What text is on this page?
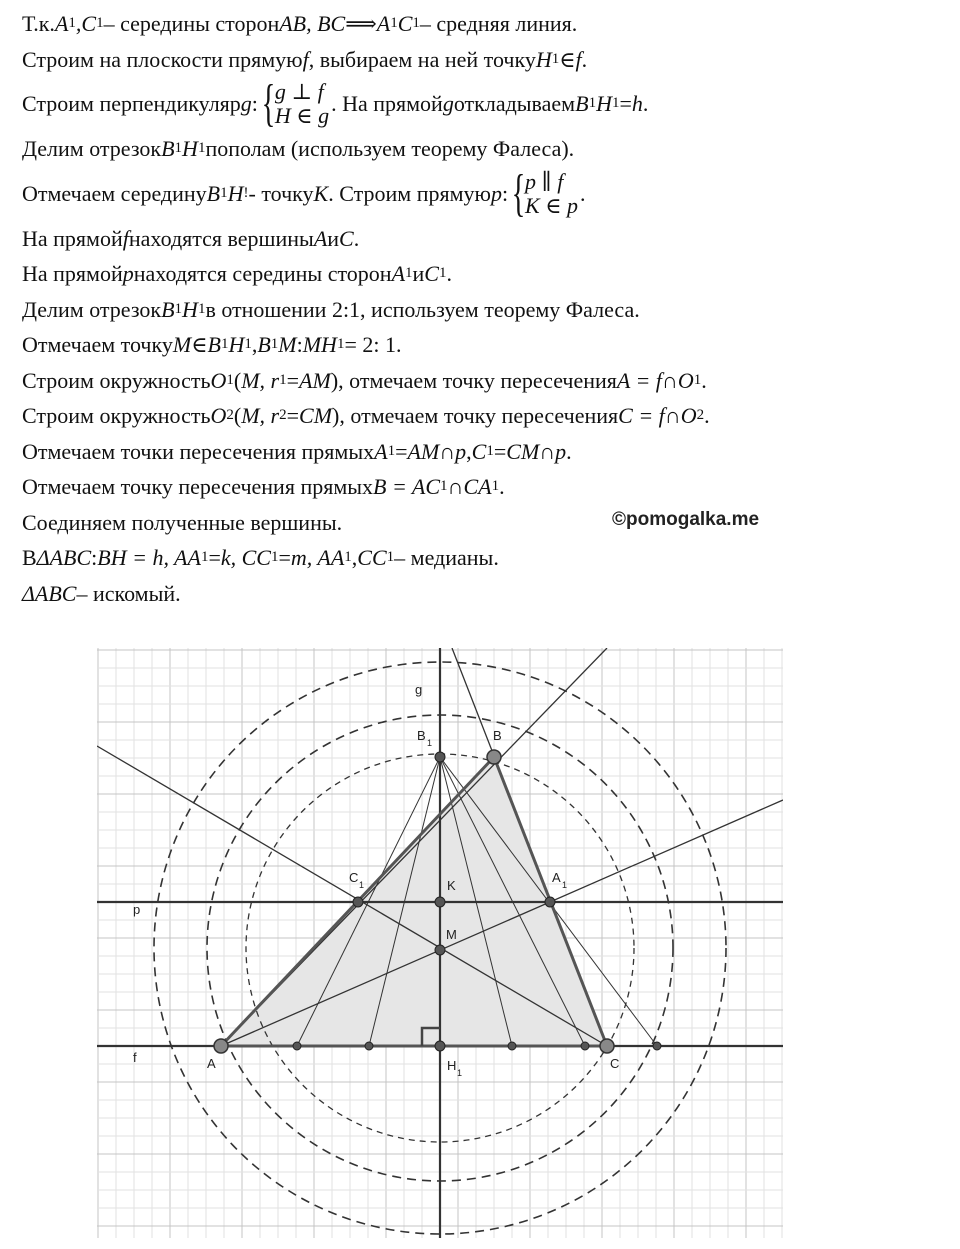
Т.к. A 1 , C 1 – середины сторон AB, BC ⟹ A 1 C 1 – средняя линия.
Строим на плоскости прямую f , выбираем на ней точку H 1 ∈ f .
Строим перпендикуляр g : { g ⊥ f
H ∈ g . На прямой g откладываем B 1 H 1 = h .
Делим отрезок B 1 H 1 пополам (используем теорему Фалеса).
Отмечаем середину B 1 H ! - точку K . Строим прямую p : { p ∥ f
K ∈ p .
На прямой f находятся вершины A и C .
На прямой p находятся середины сторон A 1 и C 1 .
Делим отрезок B 1 H 1 в отношении 2:1, используем теорему Фалеса.
Отмечаем точку M ∈ B 1 H 1 , B 1 M : MH 1 = 2: 1.
Строим окружность O 1 ( M, r 1 = AM ), отмечаем точку пересечения A = f ∩ O 1 .
Строим окружность O 2 ( M, r 2 = CM ), отмечаем точку пересечения C = f ∩ O 2 .
Отмечаем точки пересечения прямых A 1 = AM ∩ p , C 1 = CM ∩ p .
Отмечаем точку пересечения прямых B = AC 1 ∩ CA 1 .
Соединяем полученные вершины.
В ΔABC : BH = h, AA 1 = k, CC 1 = m, AA 1 , CC 1 – медианы.
ΔABC – искомый.
©pomogalka.me
g
p
f
B 1	B
C 1	K
A 1
M
A	H 1
C
